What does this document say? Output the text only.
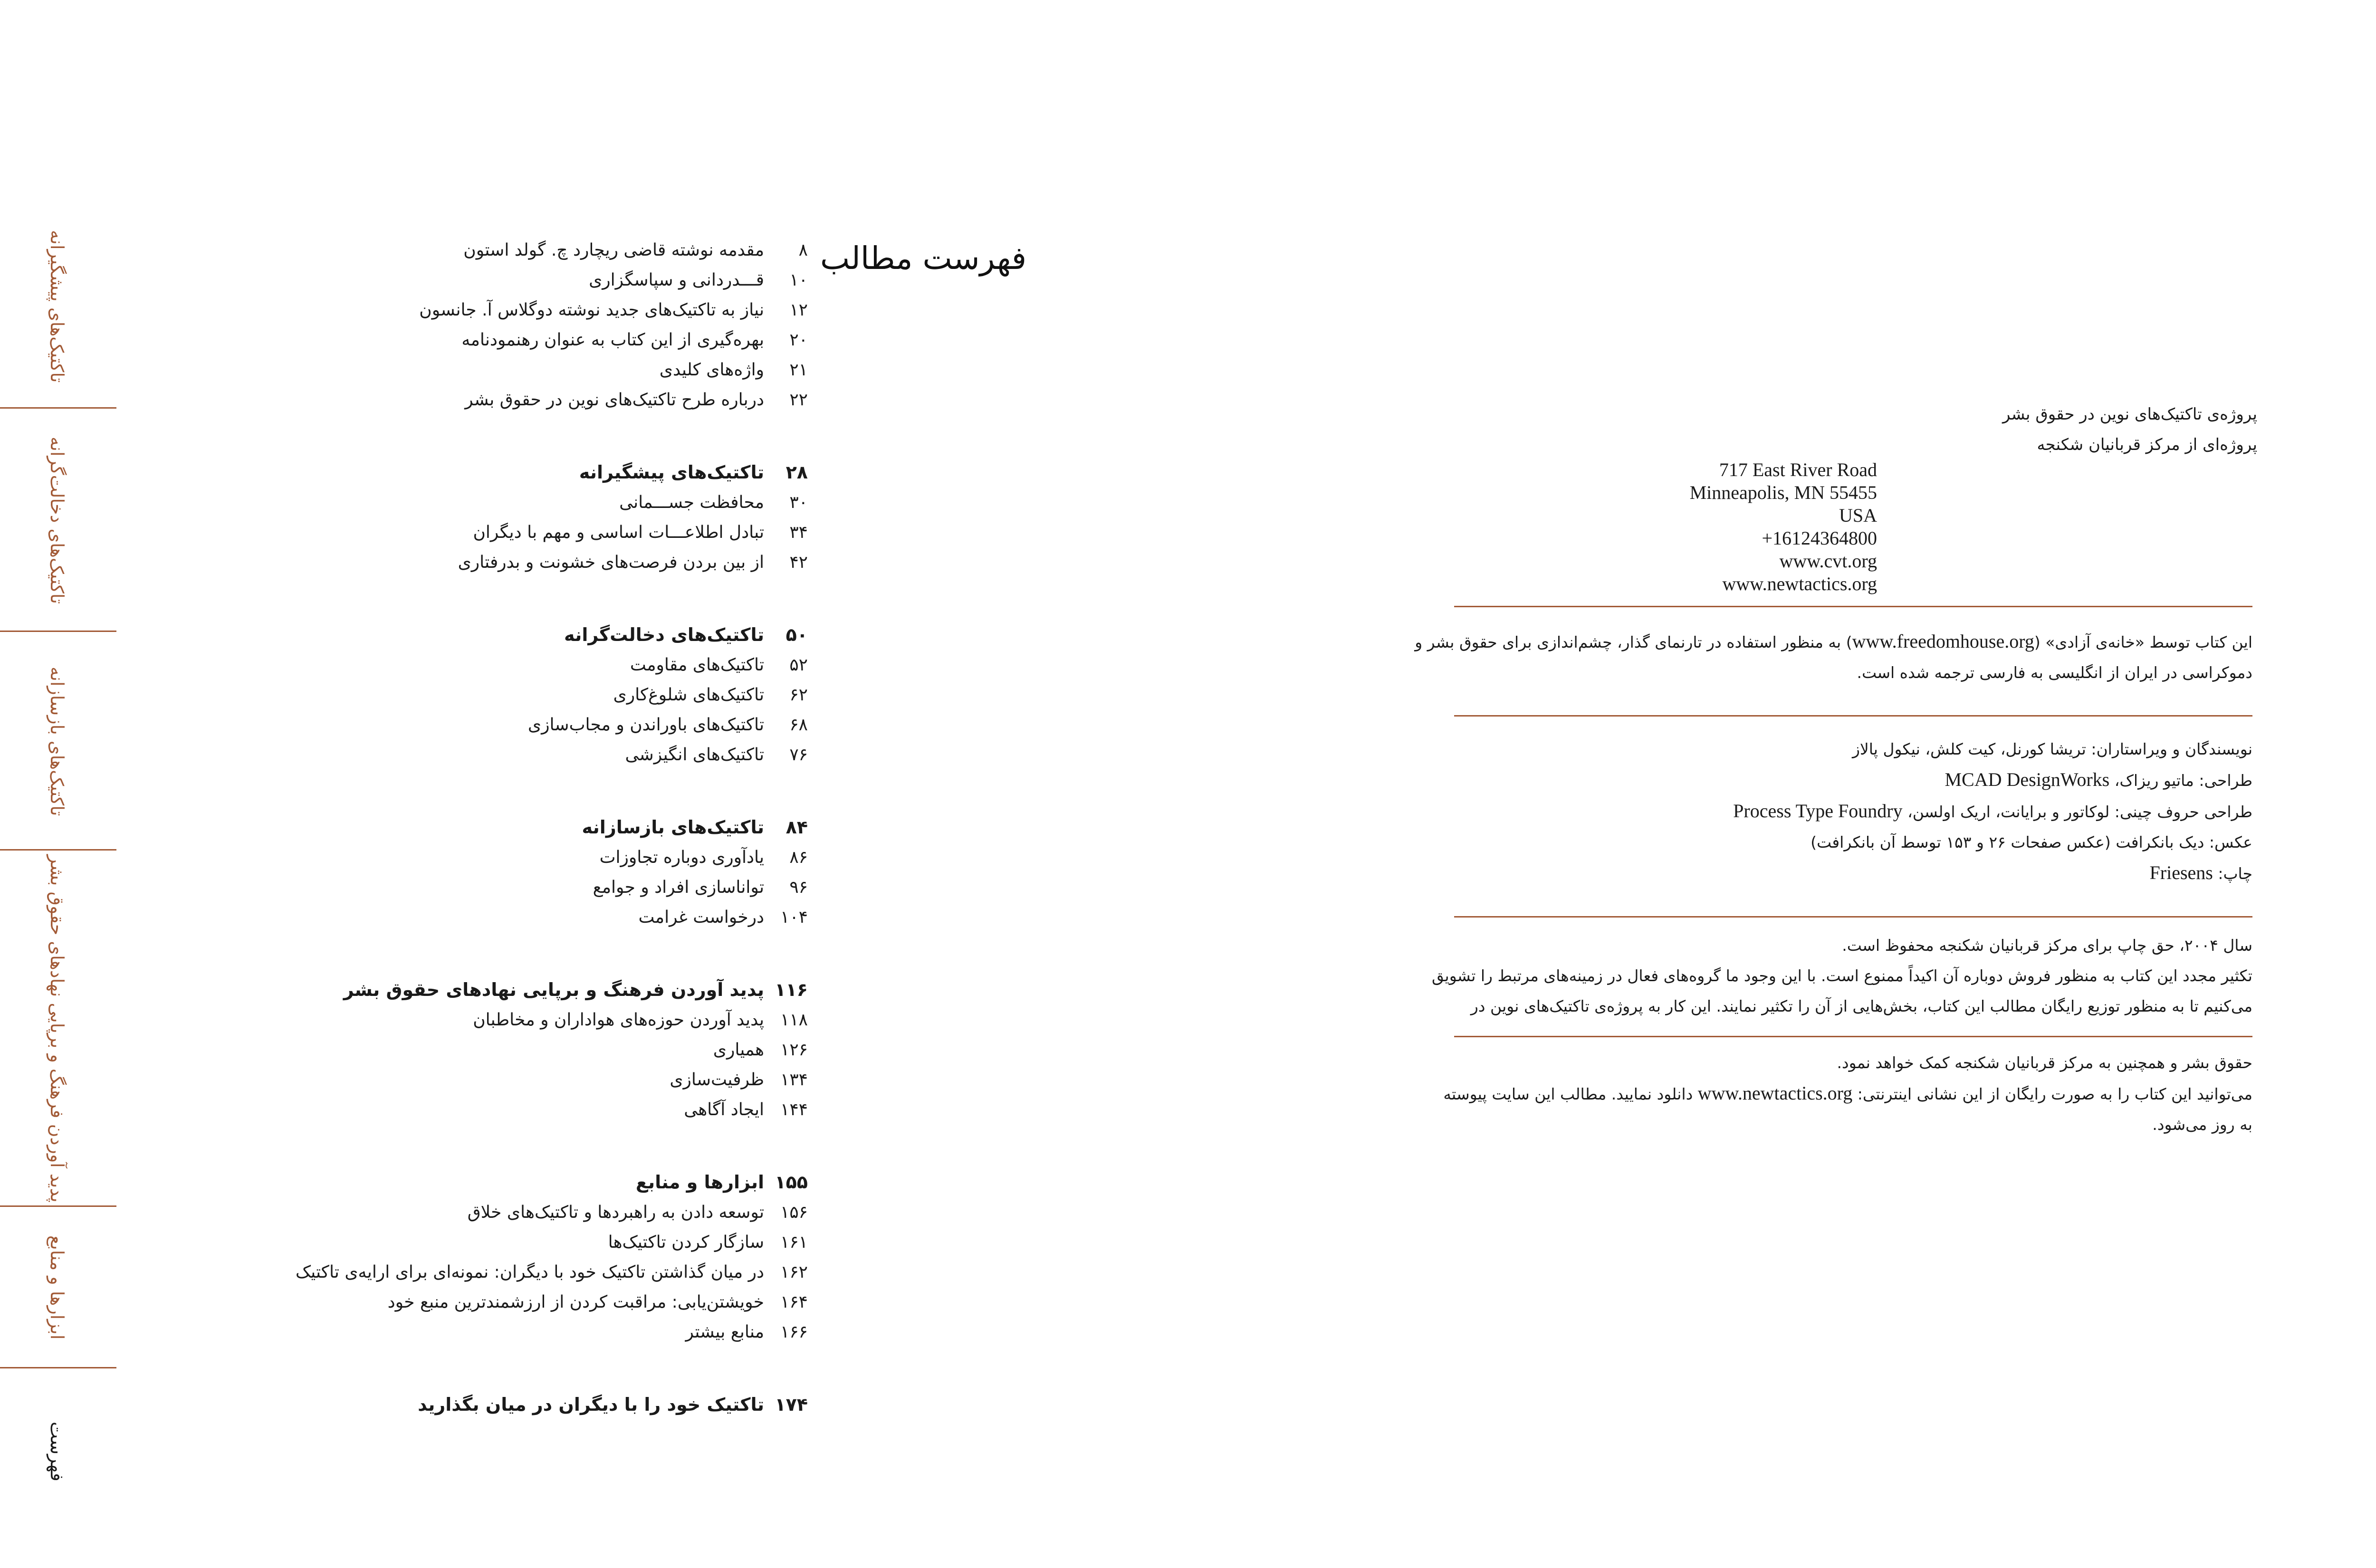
تاکتیک‌های پیشگیرانه
تاکتیک‌های دخالت‌گرانه
تاکتیک‌های بازسازانه
پدید آوردن فرهنگ و برپایی نهادهای حقوق بشر
ابزارها و منابع
فهرست
فهرست مطالب
۸
مقدمه نوشته قاضی ریچارد چ. گولد استون
۱۰
قـــدردانی و سپاسگزاری
۱۲
نیاز به تاکتیک‌های جدید نوشته دوگلاس آ. جانسون
۲۰
بهره‌گیری از این کتاب به عنوان رهنمودنامه
۲۱
واژه‌های کلیدی
۲۲
درباره طرح تاکتیک‌های نوین در حقوق بشر
۲۸
تاکتیک‌های پیشگیرانه
۳۰
محافظت جســـمانی
۳۴
تبادل اطلاعـــات اساسی و مهم با دیگران
۴۲
از بین بردن فرصت‌های خشونت و بدرفتاری
۵۰
تاکتیک‌های دخالت‌گرانه
۵۲
تاکتیک‌های مقاومت
۶۲
تاکتیک‌های شلوغ‌کاری
۶۸
تاکتیک‌های باوراندن و مجاب‌سازی
۷۶
تاکتیک‌های انگیزشی
۸۴
تاکتیک‌های بازسازانه
۸۶
یادآوری دوباره تجاوزات
۹۶
توانا‌سازی افراد و جوامع
۱۰۴
درخواست غرامت
۱۱۶
پدید آوردن فرهنگ و برپایی نهادهای حقوق بشر
۱۱۸
پدید آوردن حوزه‌های هواداران و مخاطبان
۱۲۶
همیاری
۱۳۴
ظرفیت‌سازی
۱۴۴
ایجاد آگاهی
۱۵۵
ابزارها و منابع
۱۵۶
توسعه دادن به راهبردها و تاکتیک‌های خلاق
۱۶۱
سازگار کردن تاکتیک‌ها
۱۶۲
در میان گذاشتن تاکتیک خود با دیگران: نمونه‌ای برای ارایه‌ی تاکتیک
۱۶۴
خویشتن‌یابی: مراقبت کردن از ارزشمندترین منبع خود
۱۶۶
منابع بیشتر
۱۷۴
تاکتیک خود را با دیگران در میان بگذارید
پروژه‌ی تاکتیک‌های نوین در حقوق بشر
پروژه‌ای از مرکز قربانیان شکنجه
717 East River Road
Minneapolis, MN 55455
USA
+16124364800
www.cvt.org
www.newtactics.org
این کتاب توسط «خانه‌ی آزادی» (www.freedomhouse.org) به منظور استفاده در تارنمای گذار، چشم‌اندازی برای حقوق بشر و
دموکراسی در ایران از انگلیسی به فارسی ترجمه شده است.
نویسندگان و ویراستاران: تریشا کورنل، کیت کلش، نیکول پالاز
طراحی: ماتیو ریزاک، MCAD DesignWorks
طراحی حروف چینی: لوکاتور و برایانت، اریک اولسن، Process Type Foundry
عکس: دیک بانکرافت (عکس صفحات ۲۶ و ۱۵۳ توسط آن بانکرافت)
چاپ: Friesens
سال ۲۰۰۴، حق چاپ برای مرکز قربانیان شکنجه محفوظ است.
تکثیر مجدد این کتاب به منظور فروش دوباره آن اکیداً ممنوع است. با این وجود ما گروه‌های فعال در زمینه‌های مرتبط را تشویق
می‌کنیم تا به منظور توزیع رایگان مطالب این کتاب، بخش‌هایی از آن را تکثیر نمایند. این کار به پروژه‌ی تاکتیک‌های نوین در
حقوق بشر و همچنین به مرکز قربانیان شکنجه کمک خواهد نمود.
می‌توانید این کتاب را به صورت رایگان از این نشانی اینترنتی: www.newtactics.org دانلود نمایید. مطالب این سایت پیوسته
به روز می‌شود.
